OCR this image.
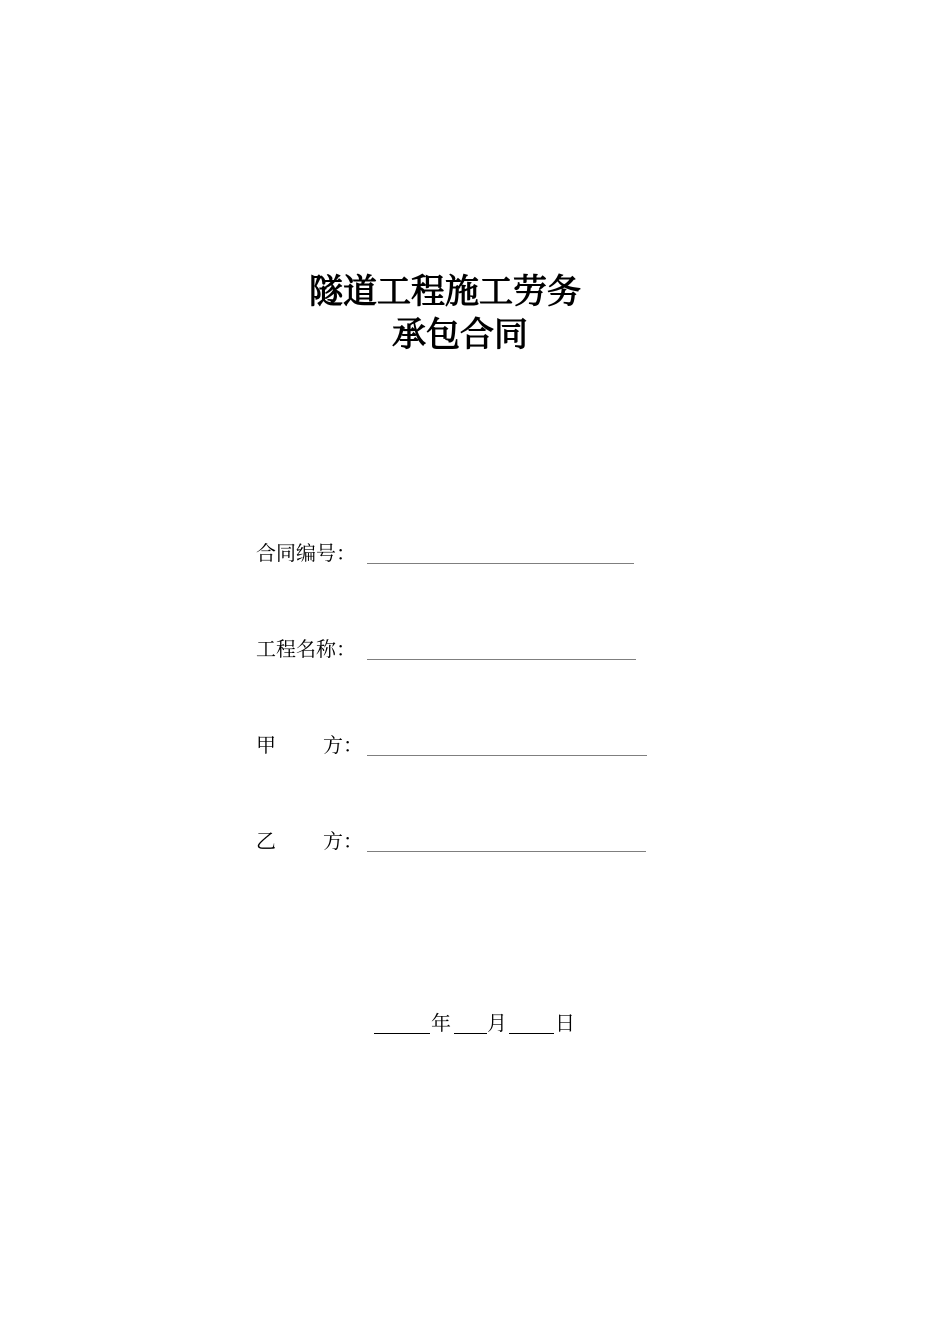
隧道工程施工劳务
承包合同
合同编号：
工程名称：
甲 方：
乙 方：
年 月 日
